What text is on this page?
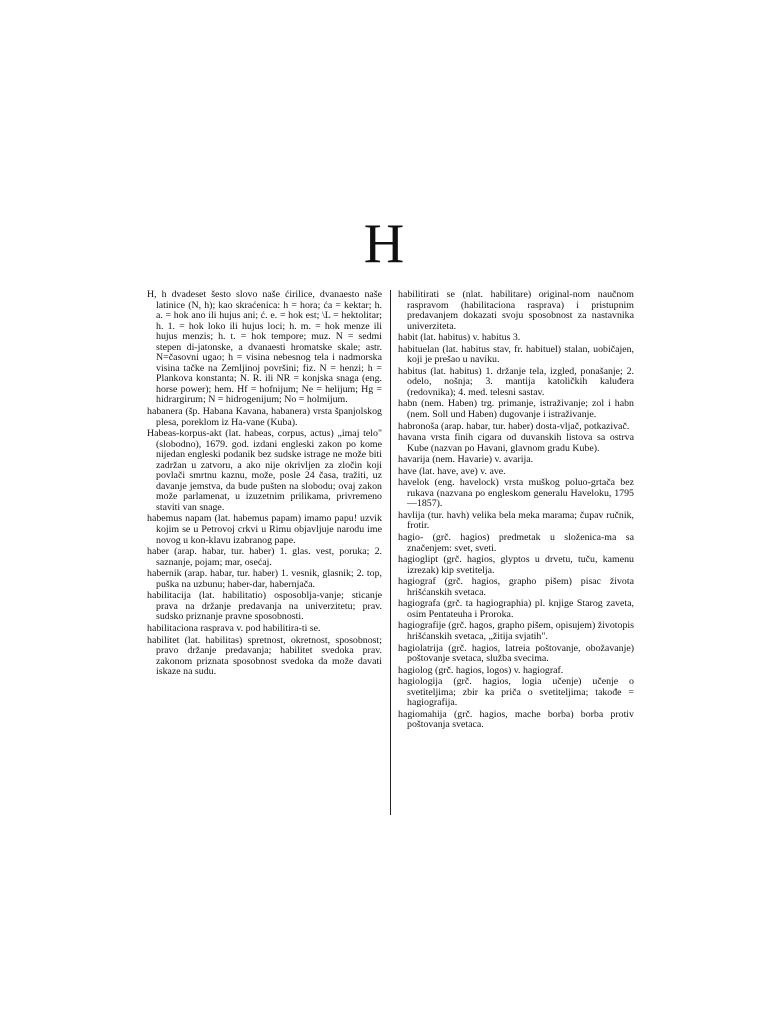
H

H, h dvadeset šesto slovo naše ćirilice, dvanaesto naše latinice (N, h); kao skraćenica: h = hora; ća = kektar; h. a. = hok ano ili hujus ani; ć. e. = hok est; \L = hektolitar; h. 1. = hok loko ili hujus loci; h. m. = hok menze ili hujus menzis; h. t. = hok tempore; muz. N = sedmi stepen di-jatonske, a dvanaesti hromatske skale; astr. N=časovni ugao; h = visina nebesnog tela i nadmorska visina tačke na Zemljinoj površini; fiz. N = henzi; h = Plankova konstanta; N. R. ili NR = konjska snaga (eng. horse power); hem. Hf = hofnijum; Ne = helijum; Hg = hidrargirum; N = hidrogenijum; No = holmijum.

habanera (šp. Habana Kavana, habanera) vrsta španjolskog plesa, poreklom iz Ha-vane (Kuba).

Habeas-korpus-akt (lat. habeas, corpus, actus) „imaj telo" (slobodno), 1679. god. izdani engleski zakon po kome nijedan engleski podanik bez sudske istrage ne može biti zadržan u zatvoru, a ako nije okrivljen za zločin koji povlači smrtnu kaznu, može, posle 24 časa, tražiti, uz davanje jemstva, da bude pušten na slobodu; ovaj zakon može parlamenat, u izuzetnim prilikama, privremeno staviti van snage.

habemus napam (lat. habemus papam) imamo papu! uzvik kojim se u Petrovoj crkvi u Rimu objavljuje narodu ime novog u kon-klavu izabranog pape.

haber (arap. habar, tur. haber) 1. glas. vest, poruka; 2. saznanje, pojam; mar, osećaj.

habernik (arap. habar, tur. haber) 1. vesnik, glasnik; 2. top, puška na uzbunu; haber-dar, habernjača.

habilitacija (lat. habilitatio) osposoblja-vanje; sticanje prava na držanje predavanja na univerzitetu; prav. sudsko priznanje pravne sposobnosti.

habilitaciona rasprava v. pod habilitira-ti se.

habilitet (lat. habilitas) spretnost, okretnost, sposobnost; pravo držanje predavanja; habilitet svedoka prav. zakonom priznata sposobnost svedoka da može davati iskaze na sudu.

habilitirati se (nlat. habilitare) original-nom naučnom raspravom (habilitaciona rasprava) i pristupnim predavanjem dokazati svoju sposobnost za nastavnika univerziteta.

habit (lat. habitus) v. habitus 3.

habituelan (lat. habitus stav, fr. habituel) stalan, uobičajen, koji je prešao u naviku.

habitus (lat. habitus) 1. držanje tela, izgled, ponašanje; 2. odelo, nošnja; 3. mantija katoličkih kaluđera (redovnika); 4. med. telesni sastav.

habn (nem. Haben) trg. primanje, istraživanje; zol i habn (nem. Soll und Haben) dugovanje i istraživanje.

habronoša (arap. habar, tur. haber) dosta-vljač, potkazivač.

havana vrsta finih cigara od duvanskih listova sa ostrva Kube (nazvan po Havani, glavnom gradu Kube).

havarija (nem. Havarie) v. avarija.

have (lat. have, ave) v. ave.

havelok (eng. havelock) vrsta muškog poluo-grtača bez rukava (nazvana po engleskom generalu Haveloku, 1795—1857).

havlija (tur. havh) velika bela meka marama; čupav ručnik, frotir.

hagio- (grč. hagios) predmetak u složenica-ma sa značenjem: svet, sveti.

hagioglipt (grč. hagios, glyptos u drvetu, tuču, kamenu izrezak) kip svetitelja.

hagiograf (grč. hagios, grapho pišem) pisac života hrišćanskih svetaca.

hagiografa (grč. ta hagiographia) pl. knjige Starog zaveta, osim Pentateuha i Proroka.

hagiografije (grč. hagos, grapho pišem, opisujem) životopis hrišćanskih svetaca, „žitija svjatih".

hagiolatrija (grč. hagios, latreia poštovanje, obožavanje) poštovanje svetaca, služba svecima.

hagiolog (grč. hagios, logos) v. hagiograf.

hagiologija (grč. hagios, logia učenje) učenje o svetiteljima; zbir ka priča o svetiteljima; takođe = hagiografija.

hagiomahija (grč. hagios, mache borba) borba protiv poštovanja svetaca.
